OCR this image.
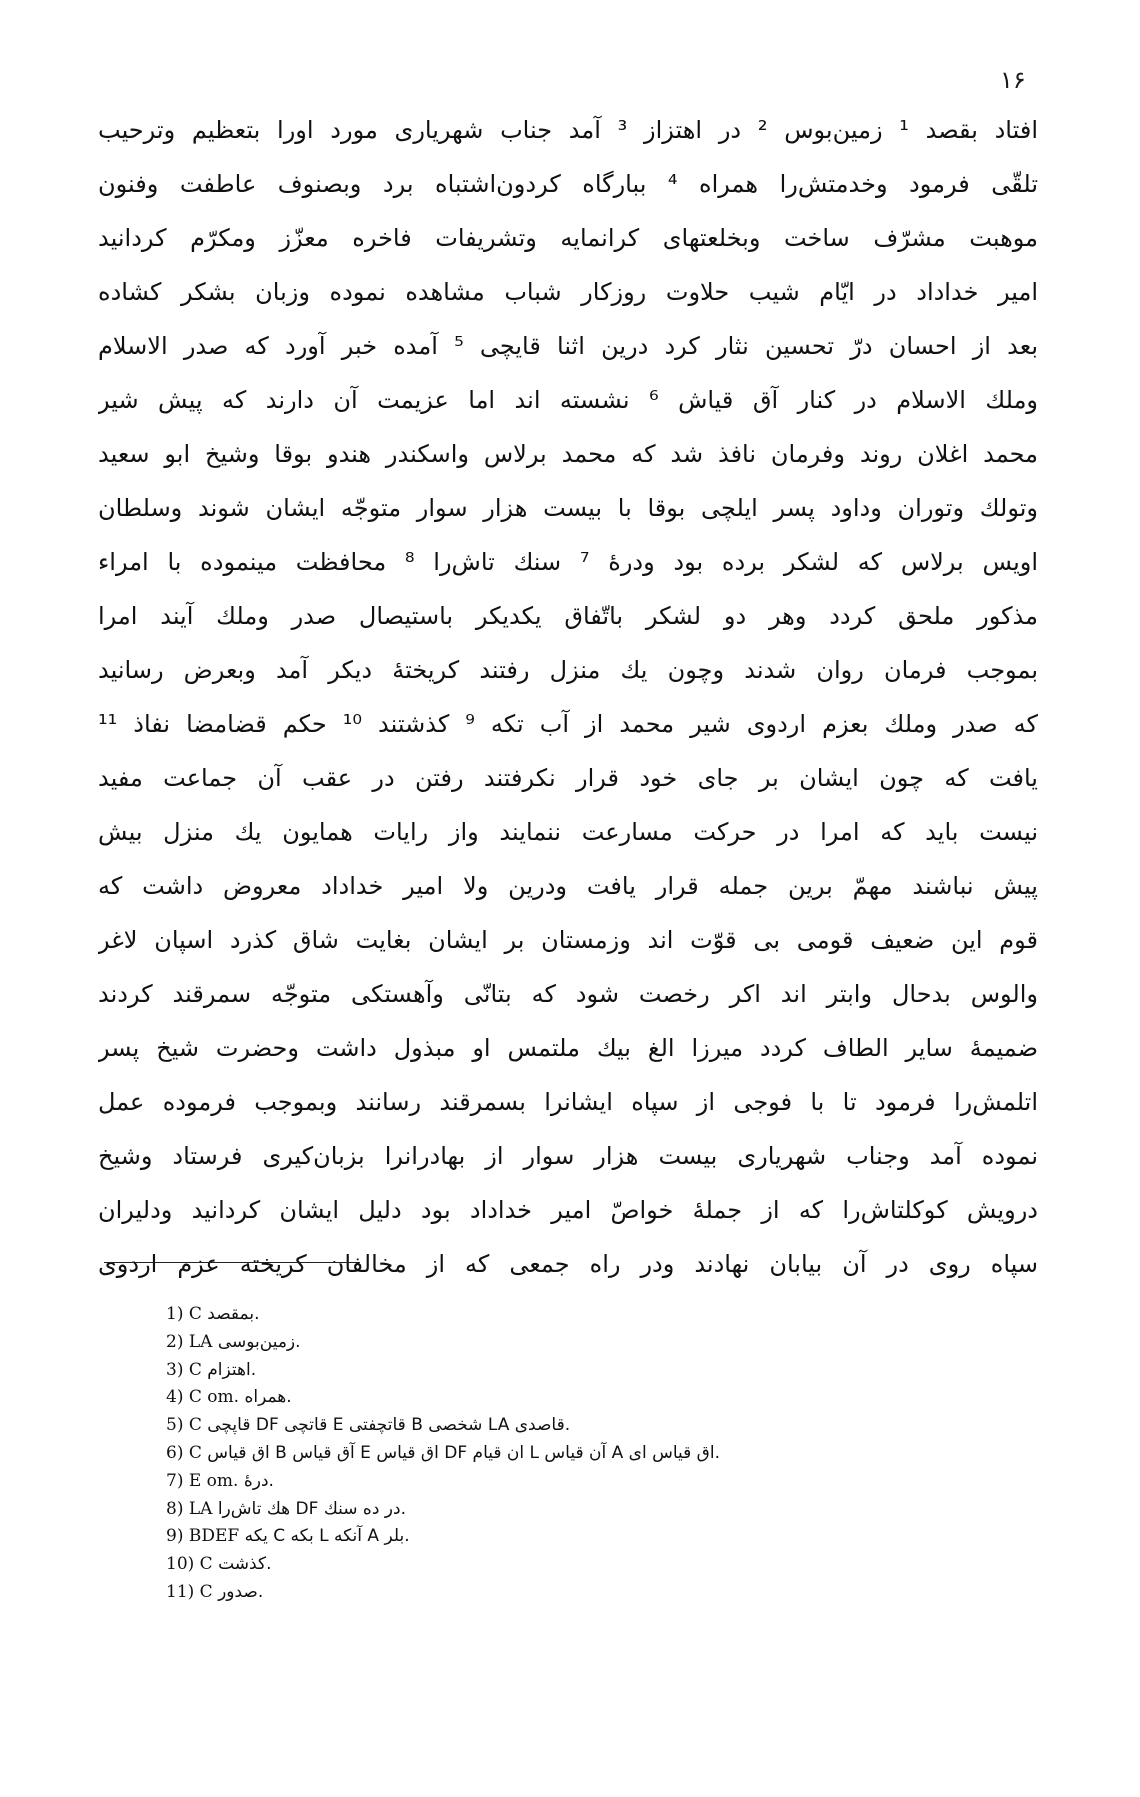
۱۶
افتاد بقصد ¹ زمین‌بوس ² در اهتزاز ³ آمد جناب شهریاری مورد اورا بتعظیم وترحیب
تلقّی فرمود وخدمتش‌را همراه ⁴ ببارگاه کردون‌اشتباه برد وبصنوف عاطفت وفنون
موهبت مشرّف ساخت وبخلعتهای کرانمایه وتشریفات فاخره معزّز ومکرّم کردانید
امیر خداداد در ایّام شیب حلاوت روزکار شباب مشاهده نموده وزبان بشکر کشاده
بعد از احسان درّ تحسین نثار کرد درین اثنا قایچی ⁵ آمده خبر آورد که صدر الاسلام
وملك الاسلام در کنار آق قیاش ⁶ نشسته اند اما عزیمت آن دارند که پیش شیر
محمد اغلان روند وفرمان نافذ شد که محمد برلاس واسکندر هندو بوقا وشیخ ابو سعید
وتولك وتوران وداود پسر ایلچی بوقا با بیست هزار سوار متوجّه ایشان شوند وسلطان
اویس برلاس که لشکر برده بود ودرهٔ ⁷ سنك تاش‌را ⁸ محافظت مینموده با امراء
مذکور ملحق کردد وهر دو لشکر باتّفاق یکدیکر باستیصال صدر وملك آیند امرا
بموجب فرمان روان شدند وچون یك منزل رفتند کریختهٔ دیکر آمد وبعرض رسانید
که صدر وملك بعزم اردوی شیر محمد از آب تکه ⁹ کذشتند ¹⁰ حکم قضامضا نفاذ ¹¹
یافت که چون ایشان بر جای خود قرار نکرفتند رفتن در عقب آن جماعت مفید
نیست باید که امرا در حرکت مسارعت ننمایند واز رایات همایون یك منزل بیش
پیش نباشند مهمّ برین جمله قرار یافت ودرین ولا امیر خداداد معروض داشت که
قوم این ضعیف قومی بی قوّت اند وزمستان بر ایشان بغایت شاق کذرد اسپان لاغر
والوس بدحال وابتر اند اکر رخصت شود که بتانّی وآهستکی متوجّه سمرقند کردند
ضمیمهٔ سایر الطاف کردد میرزا الغ بیك ملتمس او مبذول داشت وحضرت شیخ پسر
اتلمش‌را فرمود تا با فوجی از سپاه ایشانرا بسمرقند رسانند وبموجب فرموده عمل
نموده آمد وجناب شهریاری بیست هزار سوار از بهادرانرا بزبان‌کیری فرستاد وشیخ
درویش کوکلتاش‌را که از جملهٔ خواصّ امیر خداداد بود دلیل ایشان کردانید ودلیران
سپاه روی در آن بیابان نهادند ودر راه جمعی که از مخالفان کریخته عزم اردوی
1) C بمقصد.
2) LA زمین‌بوسی.
3) C اهتزام.
4) C om. همراه.
5) C قاپچی DF قاتچی E قاتچفتی B شخصی LA قاصدی.
6) C اق قیاس B آق قیاس E اق قیاس DF ان قیام L آن قیاس A اق قیاس ای.
7) E om. درهٔ.
8) LA هك تاش‌را DF در ده سنك.
9) BDEF یکه C بکه L آنکه A بلر.
10) C کذشت.
11) C صدور.
